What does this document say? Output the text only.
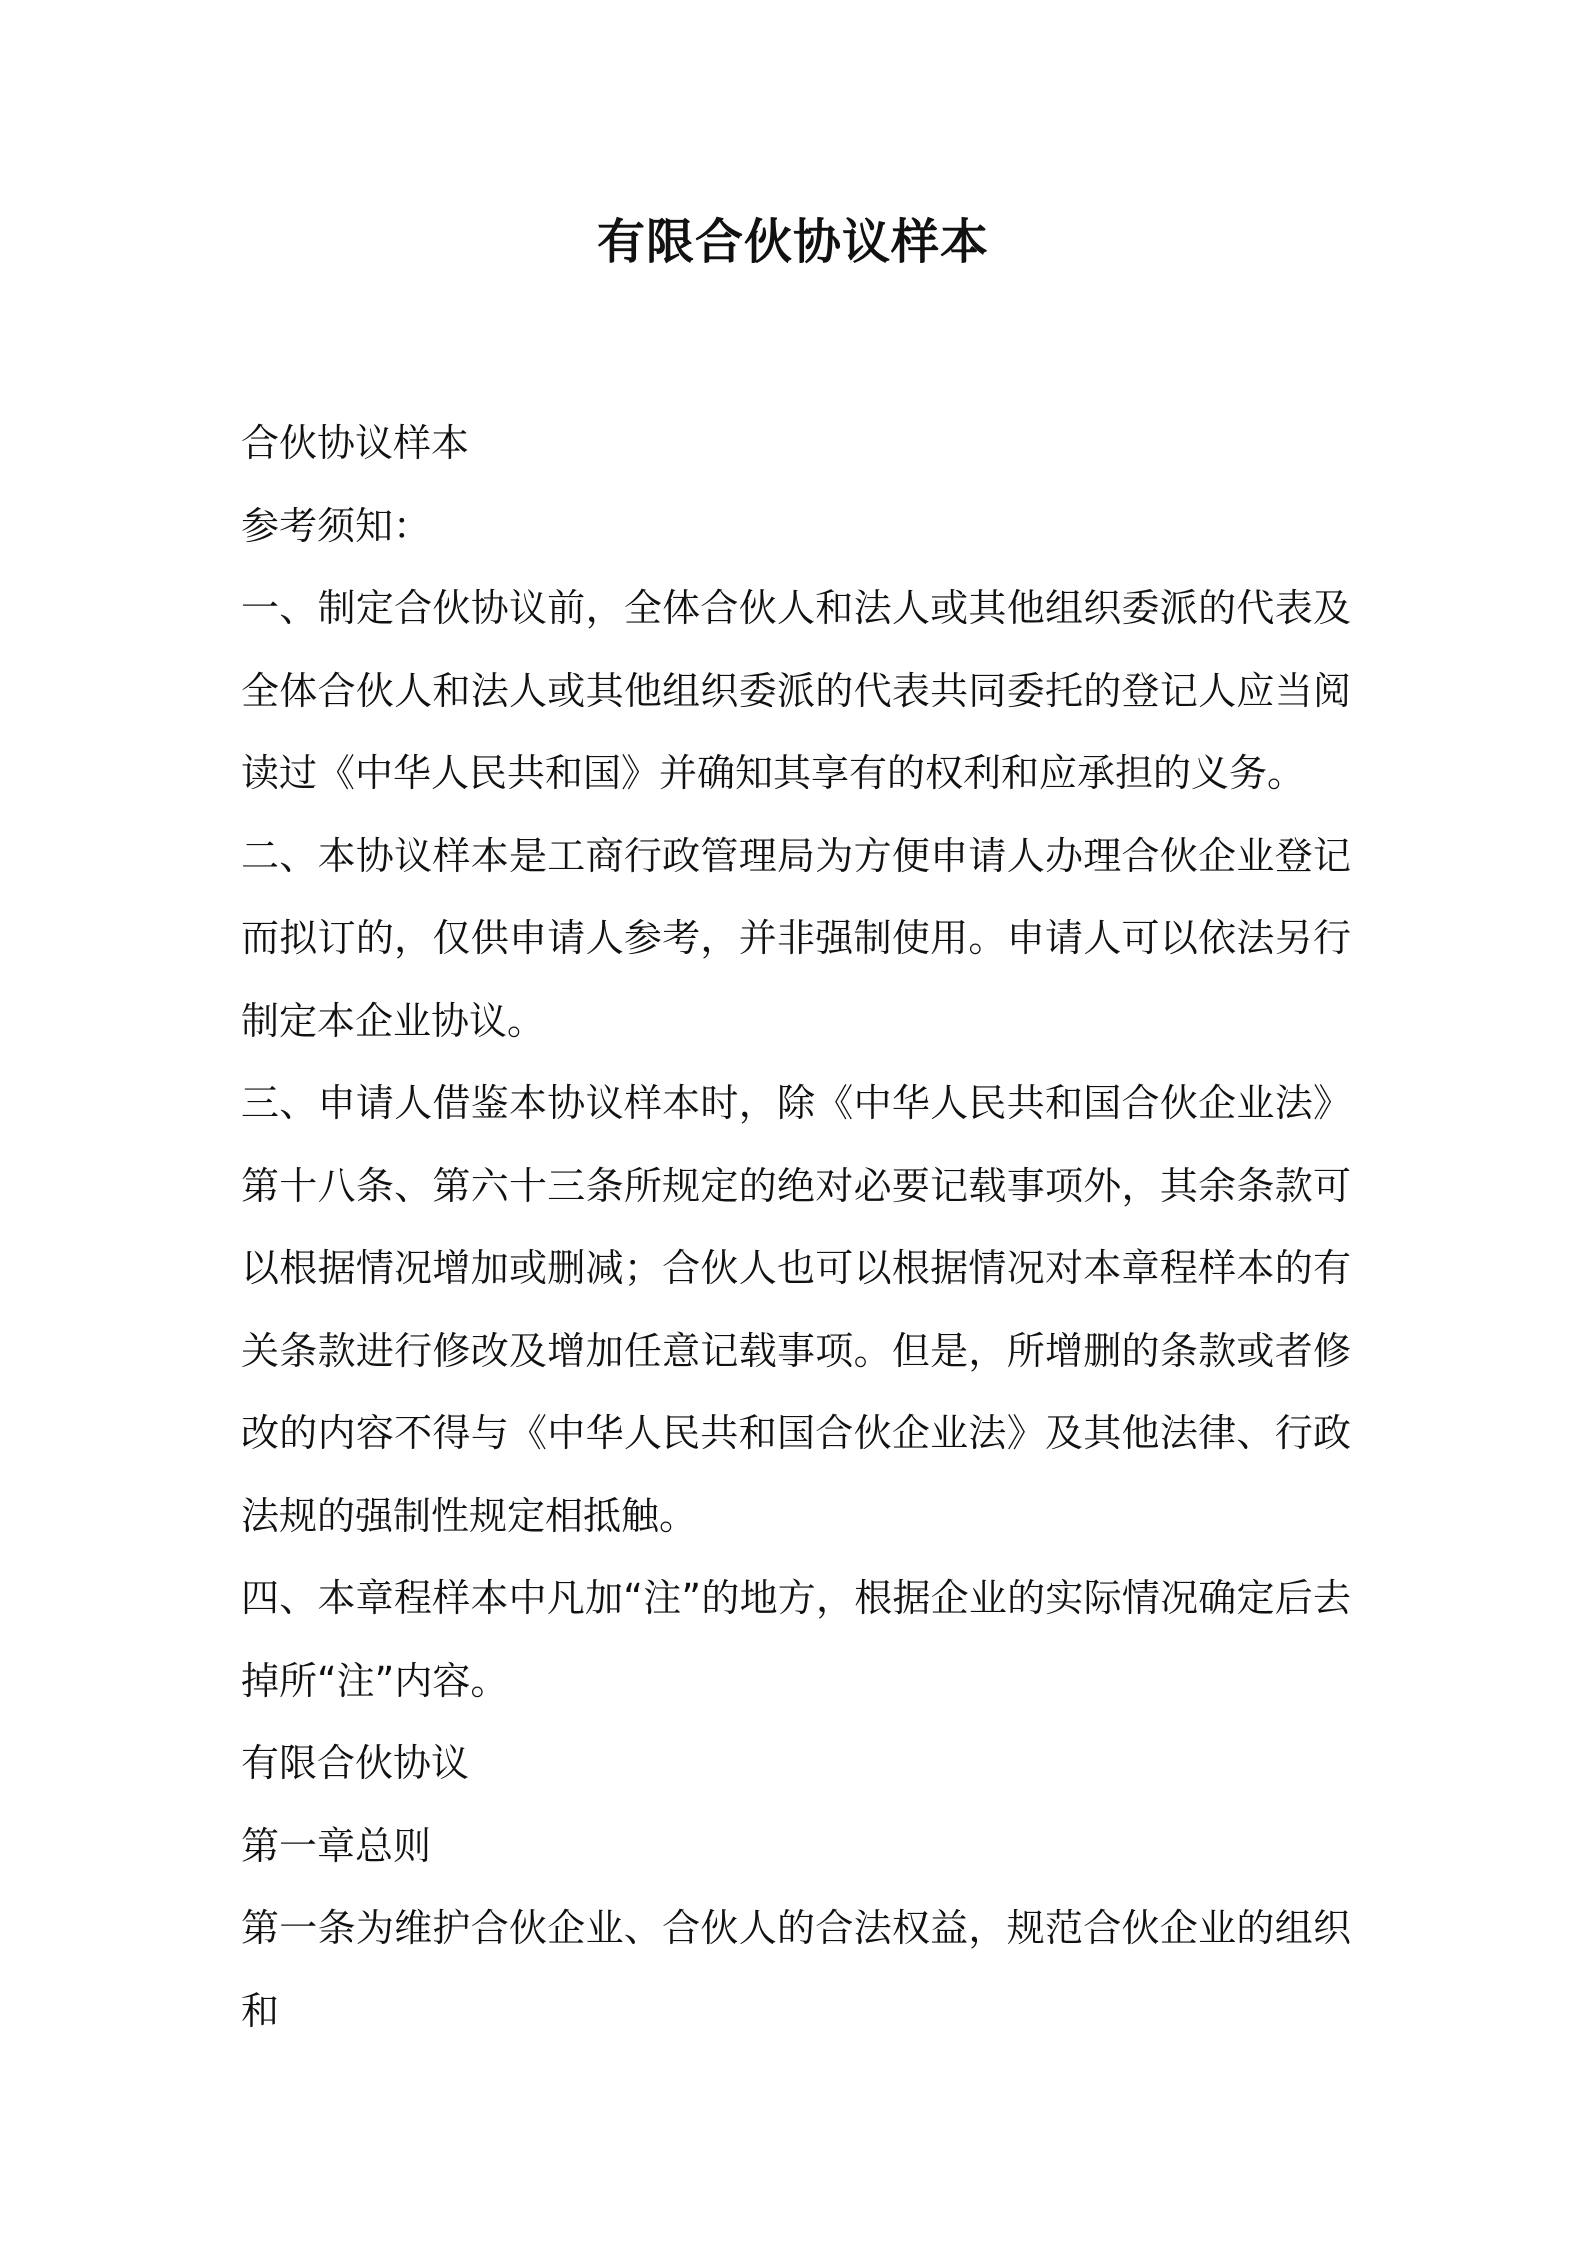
有限合伙协议样本

合伙协议样本

参考须知：

一、制定合伙协议前，全体合伙人和法人或其他组织委派的代表及全体合伙人和法人或其他组织委派的代表共同委托的登记人应当阅读过《中华人民共和国》并确知其享有的权利和应承担的义务。

二、本协议样本是工商行政管理局为方便申请人办理合伙企业登记而拟订的，仅供申请人参考，并非强制使用。申请人可以依法另行制定本企业协议。

三、申请人借鉴本协议样本时，除《中华人民共和国合伙企业法》第十八条、第六十三条所规定的绝对必要记载事项外，其余条款可以根据情况增加或删减；合伙人也可以根据情况对本章程样本的有关条款进行修改及增加任意记载事项。但是，所增删的条款或者修改的内容不得与《中华人民共和国合伙企业法》及其他法律、行政法规的强制性规定相抵触。

四、本章程样本中凡加“注”的地方，根据企业的实际情况确定后去掉所“注”内容。

有限合伙协议

第一章总则

第一条为维护合伙企业、合伙人的合法权益，规范合伙企业的组织和
